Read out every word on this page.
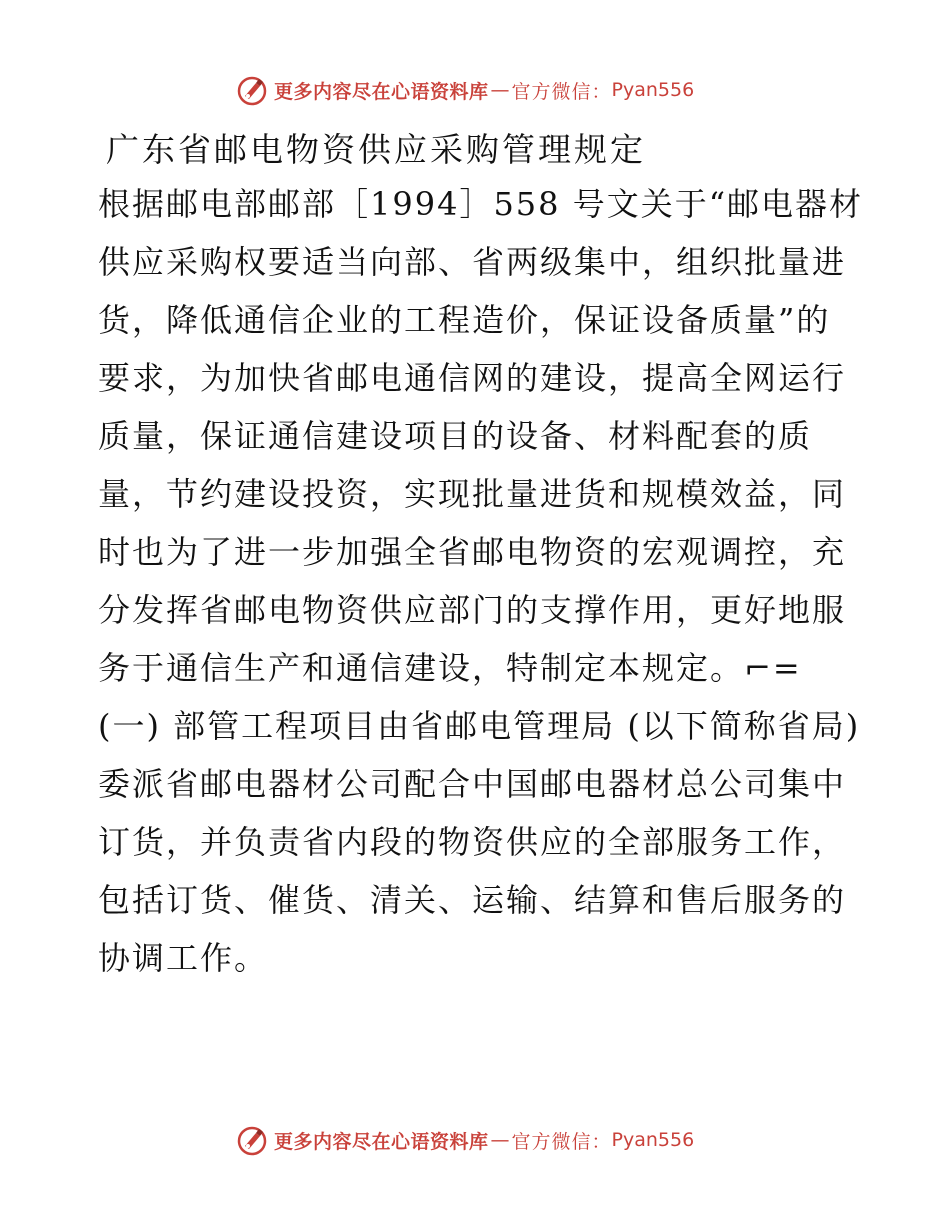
更多内容尽在心语资料库 — 官方微信： Pyan556
广东省邮电物资供应采购管理规定
根据邮电部邮部［1994］558 号文关于“邮电器材
供应采购权要适当向部、省两级集中，组织批量进
货，降低通信企业的工程造价，保证设备质量”的
要求，为加快省邮电通信网的建设，提高全网运行
质量，保证通信建设项目的设备、材料配套的质
量，节约建设投资，实现批量进货和规模效益，同
时也为了进一步加强全省邮电物资的宏观调控，充
分发挥省邮电物资供应部门的支撑作用，更好地服
务于通信生产和通信建设，特制定本规定。⌐=
(一) 部管工程项目由省邮电管理局 (以下简称省局)
委派省邮电器材公司配合中国邮电器材总公司集中
订货，并负责省内段的物资供应的全部服务工作，
包括订货、催货、清关、运输、结算和售后服务的
协调工作。
更多内容尽在心语资料库 — 官方微信： Pyan556
